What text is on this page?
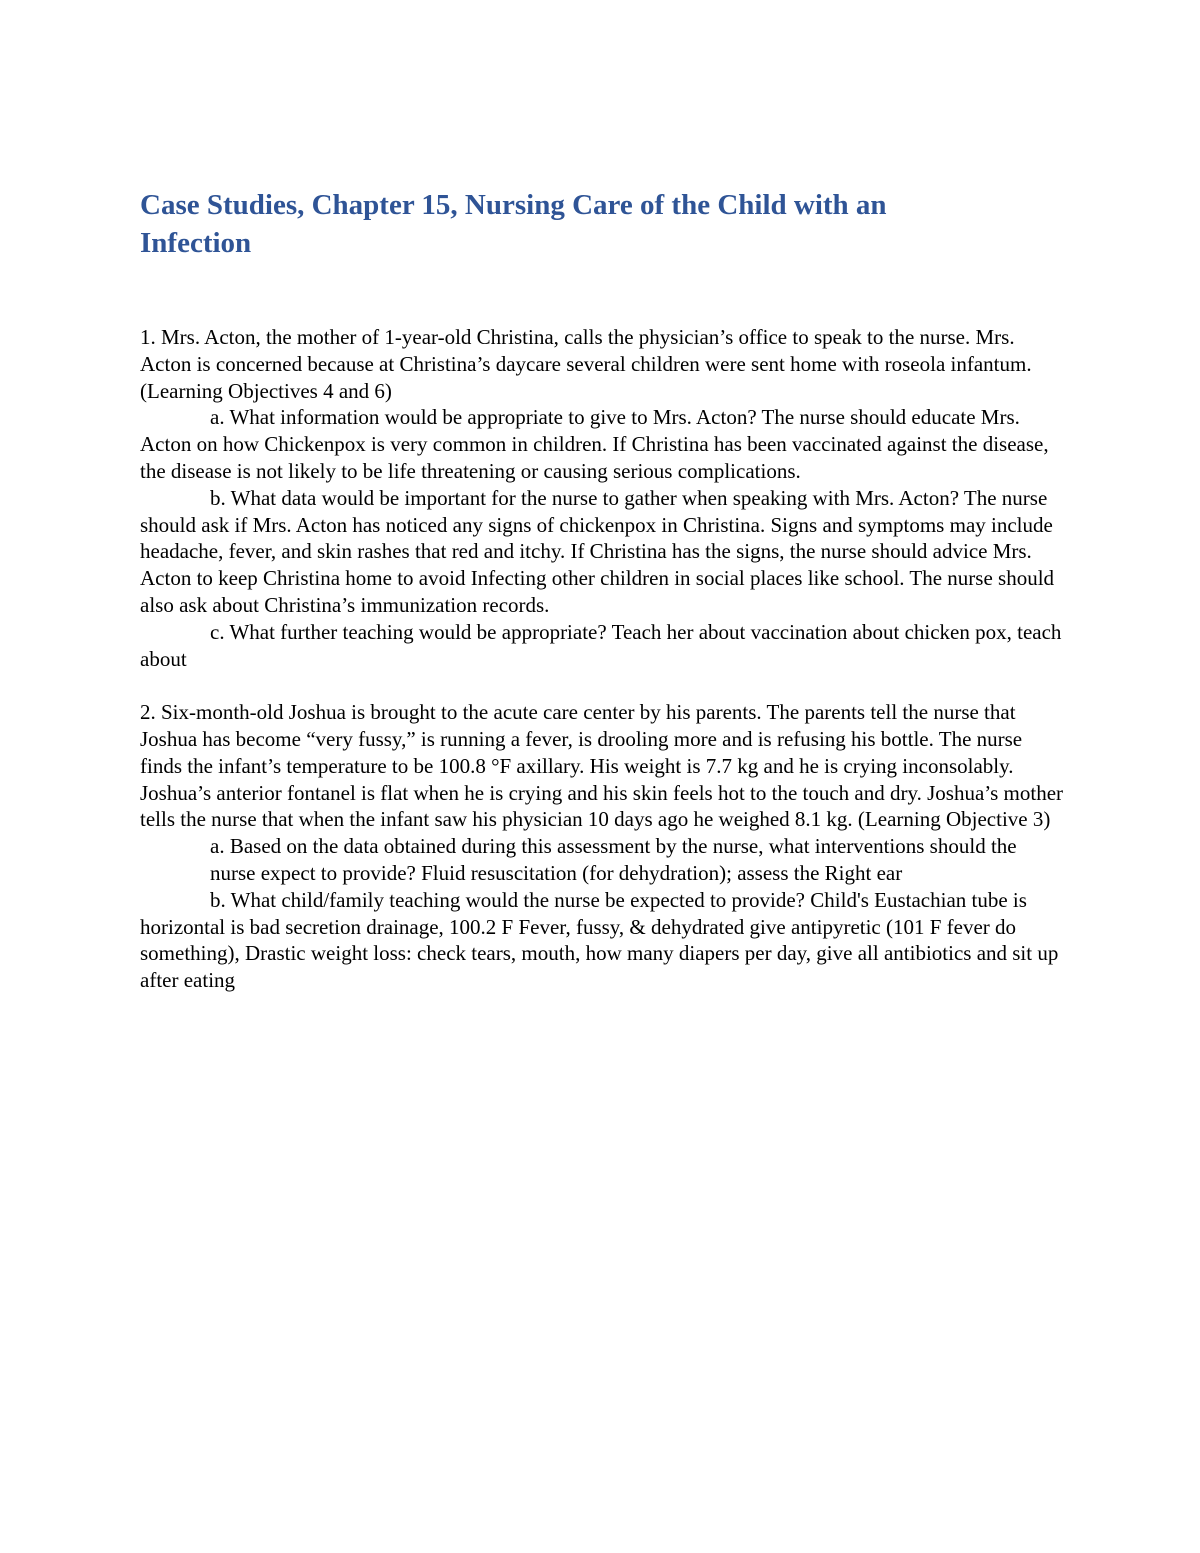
Case Studies, Chapter 15, Nursing Care of the Child with an Infection

1. Mrs. Acton, the mother of 1-year-old Christina, calls the physician’s office to speak to the nurse. Mrs. Acton is concerned because at Christina’s daycare several children were sent home with roseola infantum. (Learning Objectives 4 and 6)

a. What information would be appropriate to give to Mrs. Acton? The nurse should educate Mrs. Acton on how Chickenpox is very common in children. If Christina has been vaccinated against the disease, the disease is not likely to be life threatening or causing serious complications.

b. What data would be important for the nurse to gather when speaking with Mrs. Acton? The nurse should ask if Mrs. Acton has noticed any signs of chickenpox in Christina. Signs and symptoms may include headache, fever, and skin rashes that red and itchy. If Christina has the signs, the nurse should advice Mrs. Acton to keep Christina home to avoid Infecting other children in social places like school. The nurse should also ask about Christina’s immunization records.

c. What further teaching would be appropriate? Teach her about vaccination about chicken pox, teach about

2. Six-month-old Joshua is brought to the acute care center by his parents. The parents tell the nurse that Joshua has become “very fussy,” is running a fever, is drooling more and is refusing his bottle. The nurse finds the infant’s temperature to be 100.8 °F axillary. His weight is 7.7 kg and he is crying inconsolably. Joshua’s anterior fontanel is flat when he is crying and his skin feels hot to the touch and dry. Joshua’s mother tells the nurse that when the infant saw his physician 10 days ago he weighed 8.1 kg. (Learning Objective 3)

a. Based on the data obtained during this assessment by the nurse, what interventions should the nurse expect to provide? Fluid resuscitation (for dehydration); assess the Right ear

b. What child/family teaching would the nurse be expected to provide? Child's Eustachian tube is horizontal is bad secretion drainage, 100.2 F Fever, fussy, & dehydrated give antipyretic (101 F fever do something), Drastic weight loss: check tears, mouth, how many diapers per day, give all antibiotics and sit up after eating
